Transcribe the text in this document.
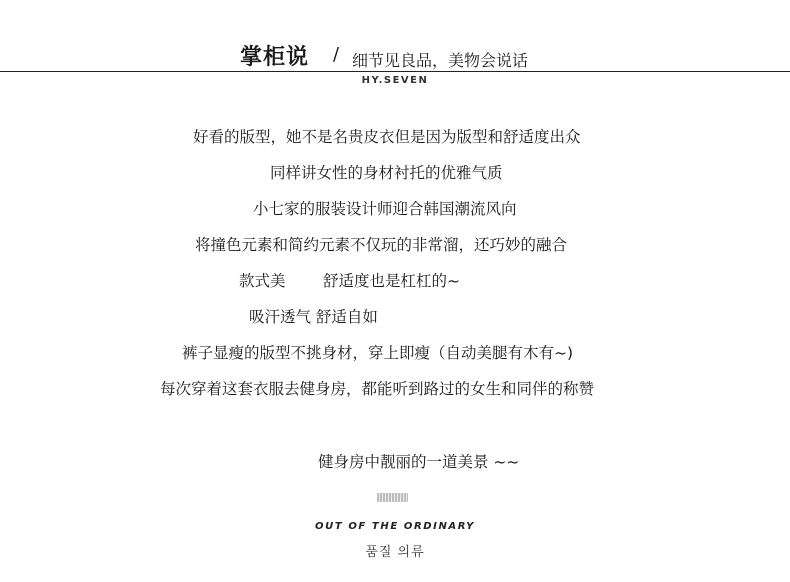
掌柜说 / 细节见良品，美物会说话
HY.SEVEN
好看的版型，她不是名贵皮衣但是因为版型和舒适度出众
同样讲女性的身材衬托的优雅气质
小七家的服装设计师迎合韩国潮流风向
将撞色元素和简约元素不仅玩的非常溜，还巧妙的融合
款式美 舒适度也是杠杠的~
吸汗透气 舒适自如
裤子显瘦的版型不挑身材，穿上即瘦（自动美腿有木有~)
每次穿着这套衣服去健身房，都能听到路过的女生和同伴的称赞
健身房中靓丽的一道美景 ~~
OUT OF THE ORDINARY
품질 의류
